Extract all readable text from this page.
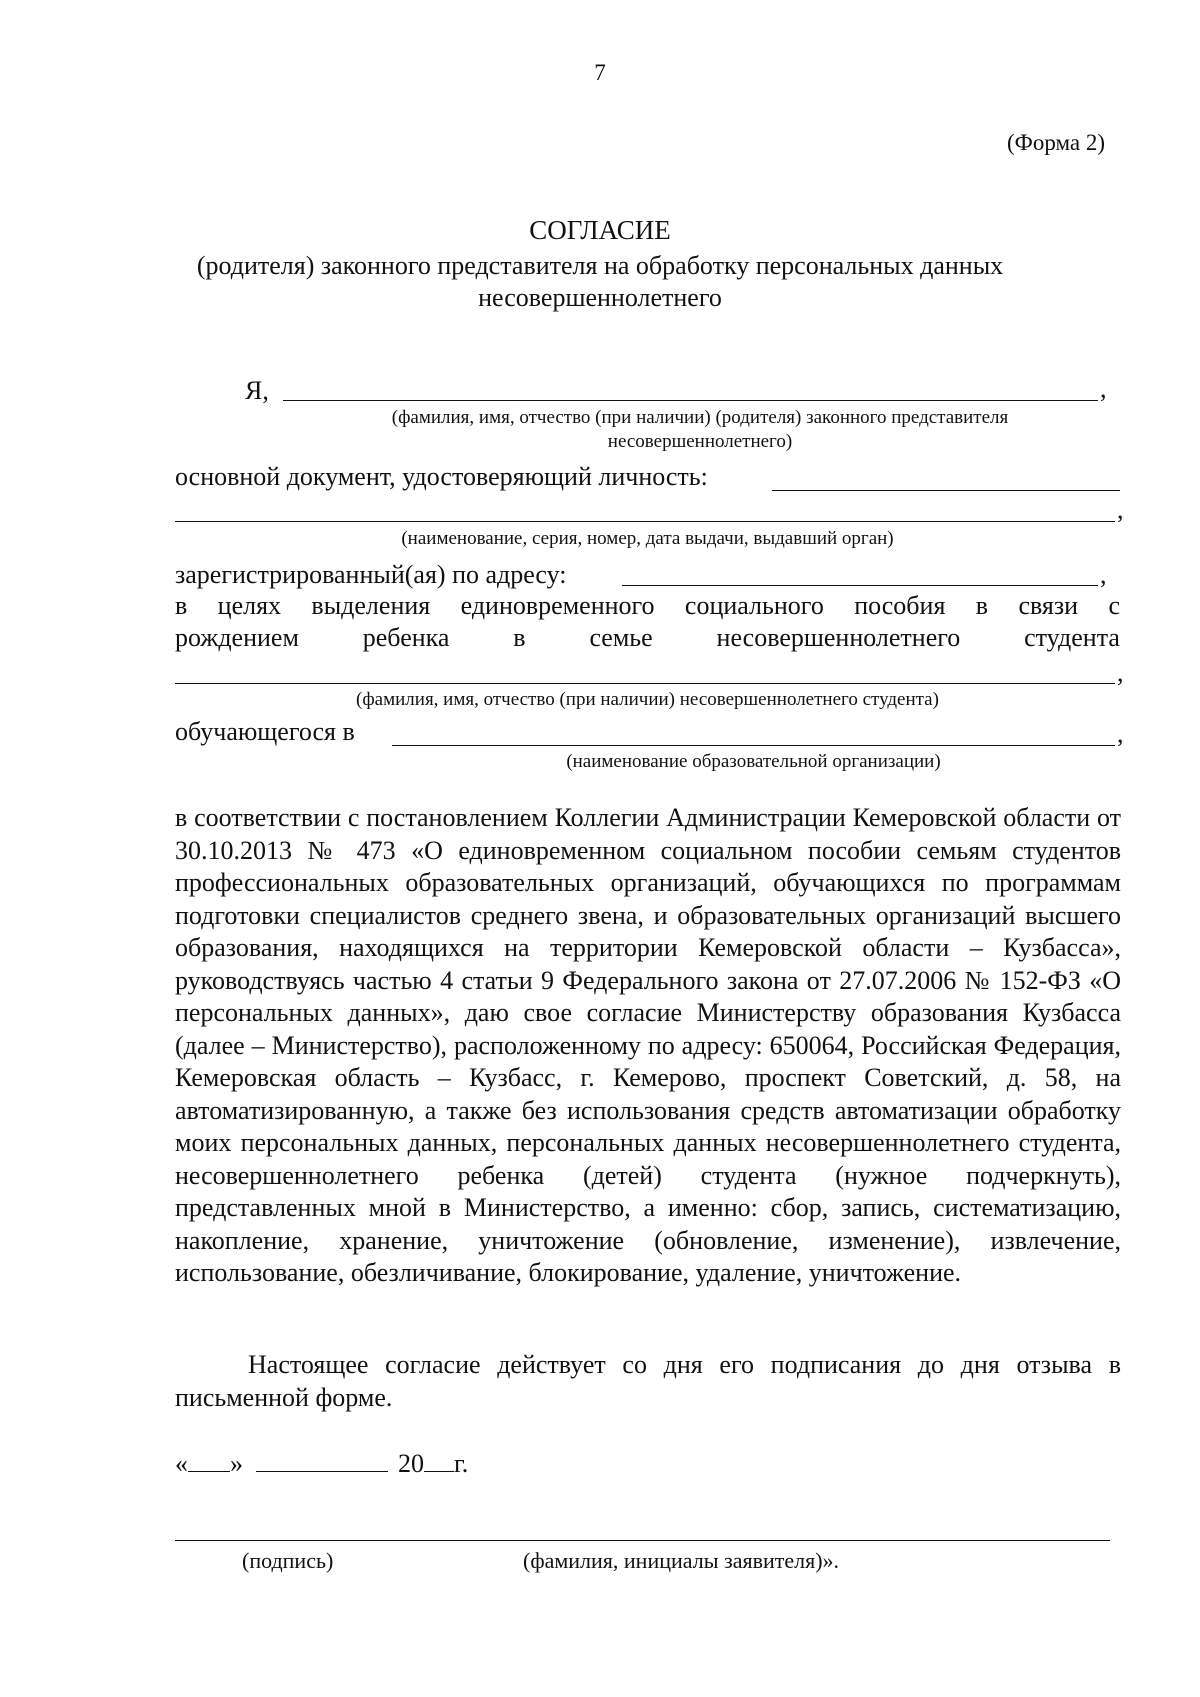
7
(Форма 2)
СОГЛАСИЕ
(родителя) законного представителя на обработку персональных данных
несовершеннолетнего
Я,	,
(фамилия, имя, отчество (при наличии) (родителя) законного представителя
несовершеннолетнего)
основной документ, удостоверяющий личность:
,
(наименование, серия, номер, дата выдачи, выдавший орган)
зарегистрированный(ая) по адресу:	,
в целях выделения единовременного социального пособия в связи с
рождением ребенка в семье несовершеннолетнего студента
,
(фамилия, имя, отчество (при наличии) несовершеннолетнего студента)
обучающегося в	,
(наименование образовательной организации)
в соответствии с постановлением Коллегии Администрации Кемеровской области от 30.10.2013 № 473 «О единовременном социальном пособии семьям студентов профессиональных образовательных организаций, обучающихся по программам подготовки специалистов среднего звена, и образовательных организаций высшего образования, находящихся на территории Кемеровской области – Кузбасса», руководствуясь частью 4 статьи 9 Федерального закона от 27.07.2006 № 152-ФЗ «О персональных данных», даю свое согласие Министерству образования Кузбасса (далее – Министерство), расположенному по адресу: 650064, Российская Федерация, Кемеровская область – Кузбасс, г. Кемерово, проспект Советский, д. 58, на автоматизированную, а также без использования средств автоматизации обработку моих персональных данных, персональных данных несовершеннолетнего студента, несовершеннолетнего ребенка (детей) студента (нужное подчеркнуть), представленных мной в Министерство, а именно: сбор, запись, систематизацию, накопление, хранение, уничтожение (обновление, изменение), извлечение, использование, обезличивание, блокирование, удаление, уничтожение.
Настоящее согласие действует со дня его подписания до дня отзыва в письменной форме.
« »	20 г.
(подпись)	(фамилия, инициалы заявителя)».
